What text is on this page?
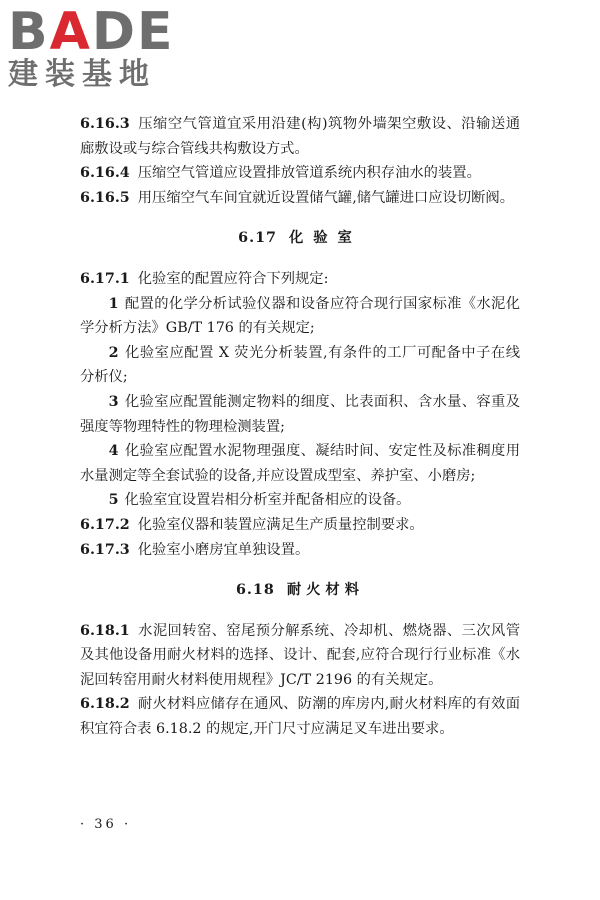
BADE
建装基地

6.16.3 压缩空气管道宜采用沿建(构)筑物外墙架空敷设、沿输送通廊敷设或与综合管线共构敷设方式。

6.16.4 压缩空气管道应设置排放管道系统内积存油水的装置。

6.16.5 用压缩空气车间宜就近设置储气罐,储气罐进口应设切断阀。

6.17 化验室

6.17.1 化验室的配置应符合下列规定:

1 配置的化学分析试验仪器和设备应符合现行国家标准《水泥化学分析方法》GB/T 176 的有关规定;

2 化验室应配置 X 荧光分析装置,有条件的工厂可配备中子在线分析仪;

3 化验室应配置能测定物料的细度、比表面积、含水量、容重及强度等物理特性的物理检测装置;

4 化验室应配置水泥物理强度、凝结时间、安定性及标准稠度用水量测定等全套试验的设备,并应设置成型室、养护室、小磨房;

5 化验室宜设置岩相分析室并配备相应的设备。

6.17.2 化验室仪器和装置应满足生产质量控制要求。

6.17.3 化验室小磨房宜单独设置。

6.18 耐火材料

6.18.1 水泥回转窑、窑尾预分解系统、冷却机、燃烧器、三次风管及其他设备用耐火材料的选择、设计、配套,应符合现行行业标准《水泥回转窑用耐火材料使用规程》JC/T 2196 的有关规定。

6.18.2 耐火材料应储存在通风、防潮的库房内,耐火材料库的有效面积宜符合表 6.18.2 的规定,开门尺寸应满足叉车进出要求。

· 36 ·
